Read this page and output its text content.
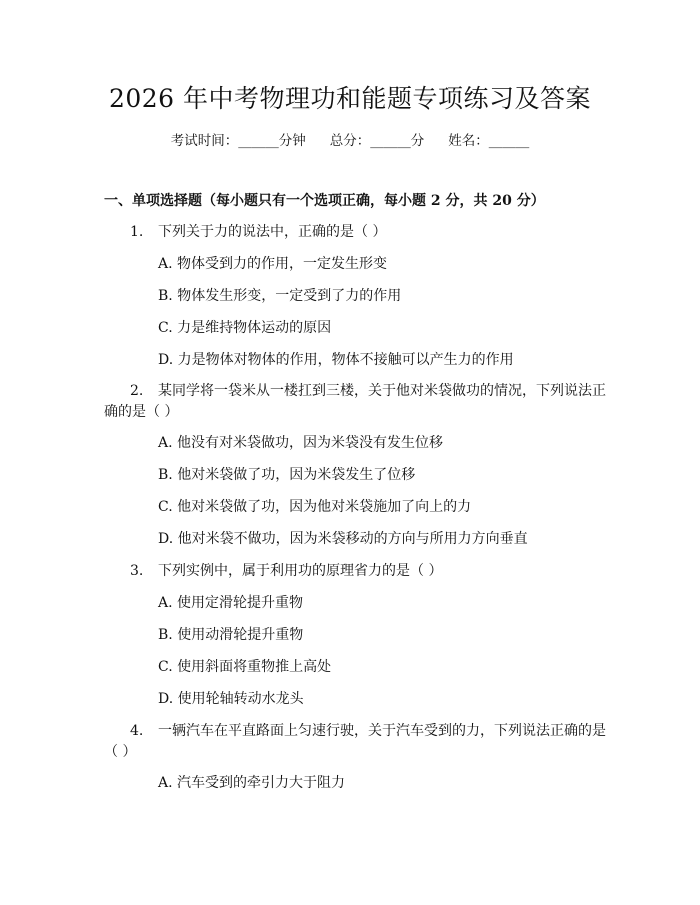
2026 年中考物理功和能题专项练习及答案
考试时间：______分钟 总分：______分 姓名：______
一、单项选择题（每小题只有一个选项正确，每小题 2 分，共 20 分）
1. 下列关于力的说法中，正确的是（ ）
A. 物体受到力的作用，一定发生形变
B. 物体发生形变，一定受到了力的作用
C. 力是维持物体运动的原因
D. 力是物体对物体的作用，物体不接触可以产生力的作用
2. 某同学将一袋米从一楼扛到三楼，关于他对米袋做功的情况，下列说法正
确的是（ ）
A. 他没有对米袋做功，因为米袋没有发生位移
B. 他对米袋做了功，因为米袋发生了位移
C. 他对米袋做了功，因为他对米袋施加了向上的力
D. 他对米袋不做功，因为米袋移动的方向与所用力方向垂直
3. 下列实例中，属于利用功的原理省力的是（ ）
A. 使用定滑轮提升重物
B. 使用动滑轮提升重物
C. 使用斜面将重物推上高处
D. 使用轮轴转动水龙头
4. 一辆汽车在平直路面上匀速行驶，关于汽车受到的力，下列说法正确的是
（ ）
A. 汽车受到的牵引力大于阻力
